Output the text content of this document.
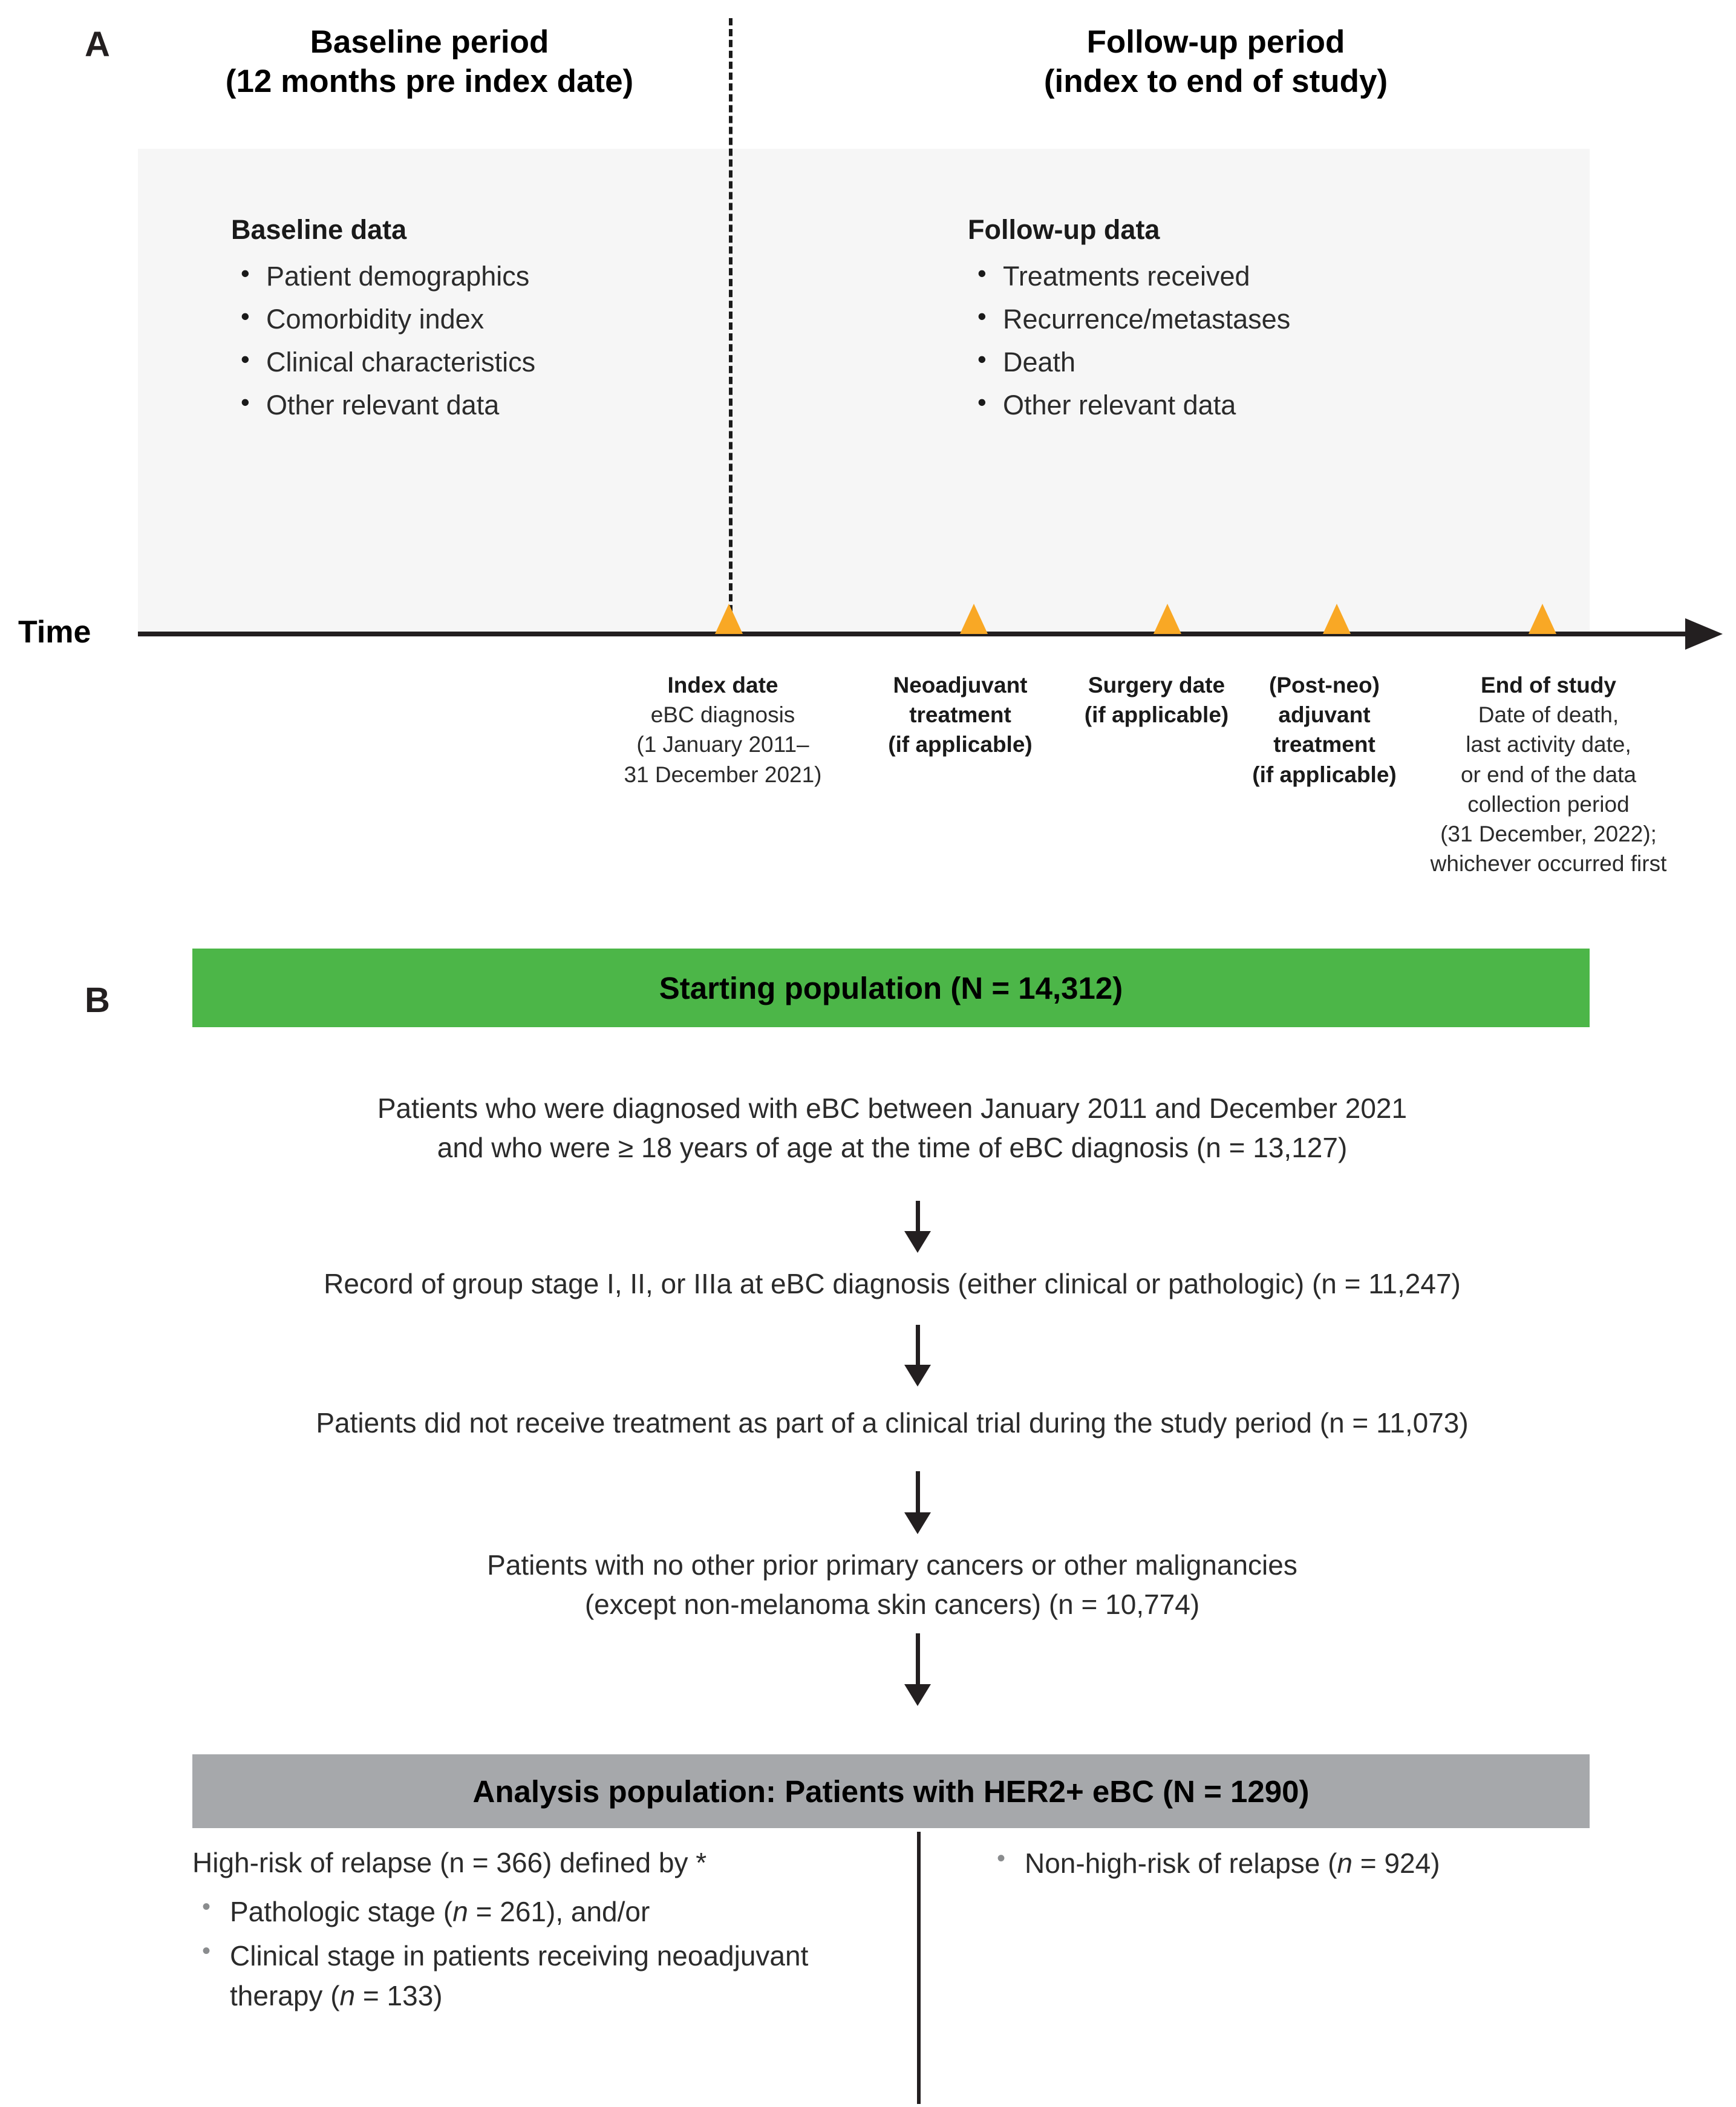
A	Baseline period
(12 months pre index date)
Follow-up period
(index to end of study)
Baseline data
• Patient demographics
• Comorbidity index
• Clinical characteristics
• Other relevant data
Follow-up data
• Treatments received
• Recurrence/metastases
• Death
• Other relevant data
Time
Index date
eBC diagnosis
(1 January 2011–
31 December 2021)
Neoadjuvant
treatment
(if applicable)
Surgery date
(if applicable)
(Post-neo)
adjuvant
treatment
(if applicable)
End of study
Date of death,
last activity date,
or end of the data
collection period
(31 December, 2022);
whichever occurred first
B	Starting population (N = 14,312)
Patients who were diagnosed with eBC between January 2011 and December 2021
and who were ≥ 18 years of age at the time of eBC diagnosis (n = 13,127)
Record of group stage I, II, or IIIa at eBC diagnosis (either clinical or pathologic) (n = 11,247)
Patients did not receive treatment as part of a clinical trial during the study period (n = 11,073)
Patients with no other prior primary cancers or other malignancies
(except non-melanoma skin cancers) (n = 10,774)
Analysis population: Patients with HER2+ eBC (N = 1290)
High-risk of relapse (n = 366) defined by *
• Pathologic stage (n = 261), and/or
• Clinical stage in patients receiving neoadjuvant therapy (n = 133)
• Non-high-risk of relapse (n = 924)
